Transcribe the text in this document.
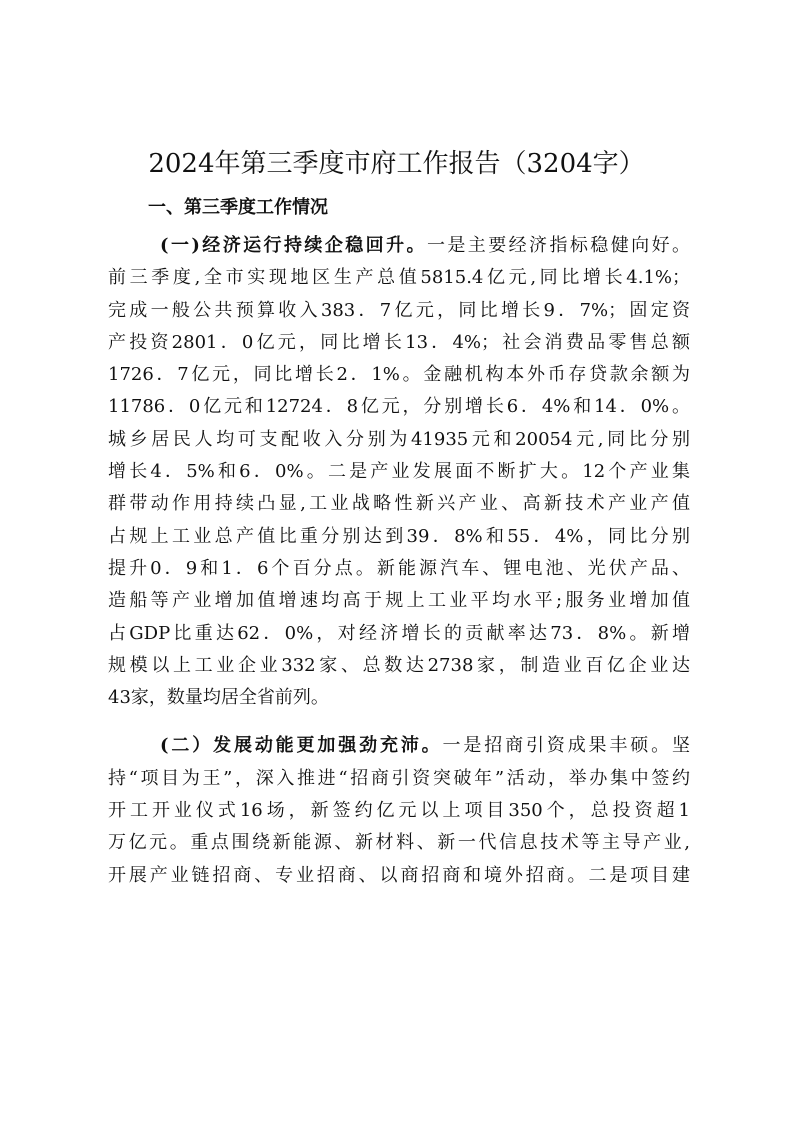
2024年第三季度市府工作报告（3204字）
一、第三季度工作情况
(一)经济运行持续企稳回升。一是主要经济指标稳健向好。
前三季度,全市实现地区生产总值5815.4亿元,同比增长4.1%；
完成一般公共预算收入383．7亿元，同比增长9．7%；固定资
产投资2801．0亿元，同比增长13．4%；社会消费品零售总额
1726．7亿元，同比增长2．1%。金融机构本外币存贷款余额为
11786．0亿元和12724．8亿元，分别增长6．4%和14．0%。
城乡居民人均可支配收入分别为41935元和20054元,同比分别
增长4．5%和6．0%。二是产业发展面不断扩大。12个产业集
群带动作用持续凸显,工业战略性新兴产业、高新技术产业产值
占规上工业总产值比重分别达到39．8%和55．4%，同比分别
提升0．9和1．6个百分点。新能源汽车、锂电池、光伏产品、
造船等产业增加值增速均高于规上工业平均水平;服务业增加值
占GDP比重达62．0%，对经济增长的贡献率达73．8%。新增
规模以上工业企业332家、总数达2738家，制造业百亿企业达
43家，数量均居全省前列。
(二）发展动能更加强劲充沛。一是招商引资成果丰硕。坚
持“项目为王”，深入推进“招商引资突破年”活动，举办集中签约
开工开业仪式16场，新签约亿元以上项目350个，总投资超1
万亿元。重点围绕新能源、新材料、新一代信息技术等主导产业,
开展产业链招商、专业招商、以商招商和境外招商。二是项目建
